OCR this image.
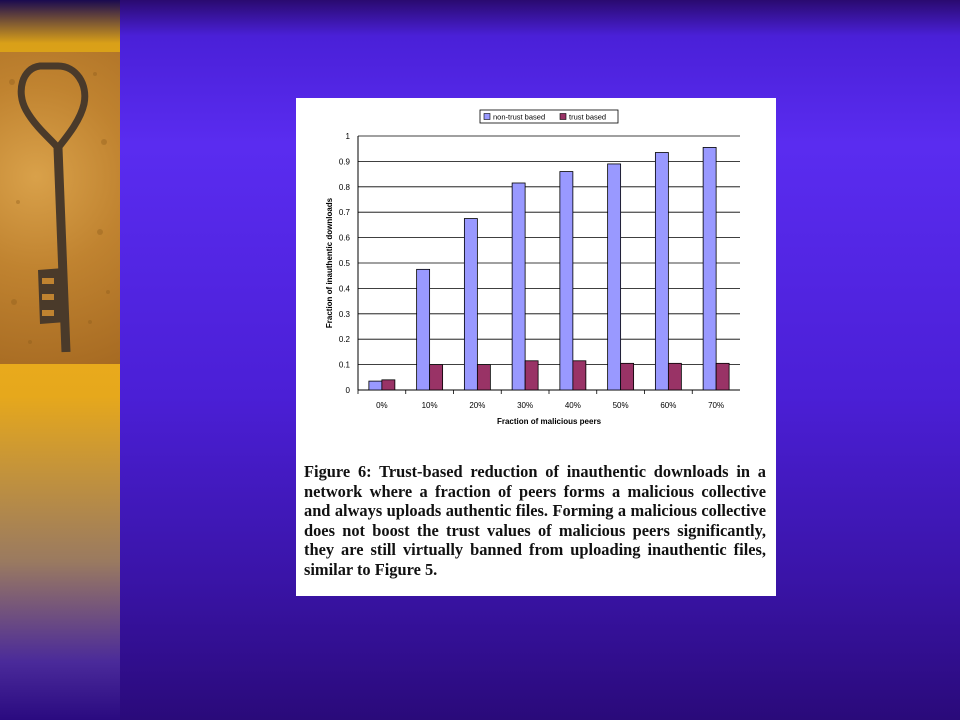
0
0.1
0.2
0.3
0.4
0.5
0.6
0.7
0.8
0.9
1
0%	10%	20%	30%	40%	50%	60%	70%
Fraction of malicious peers
Fraction of inauthentic downloads
non-trust based	trust based

Figure 6: Trust-based reduction of inauthentic downloads in a network where a fraction of peers forms a malicious collective and always uploads authentic files. Forming a malicious collective does not boost the trust values of malicious peers significantly, they are still virtually banned from uploading inauthentic files, similar to Figure 5.
